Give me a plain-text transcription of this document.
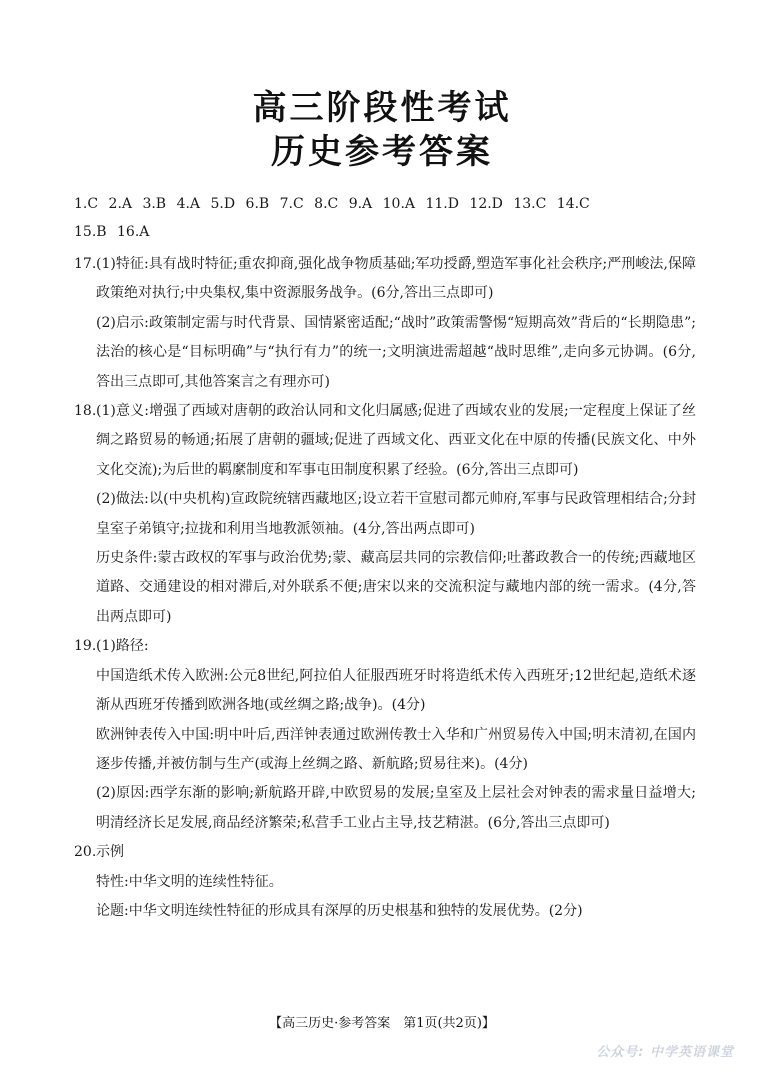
高三阶段性考试
历史参考答案
1.C 2.A 3.B 4.A 5.D 6.B 7.C 8.C 9.A 10.A 11.D 12.D 13.C 14.C
15.B 16.A

17.(1)特征:具有战时特征;重农抑商,强化战争物质基础;军功授爵,塑造军事化社会秩序;严刑峻法,保障政策绝对执行;中央集权,集中资源服务战争。(6分,答出三点即可)

(2)启示:政策制定需与时代背景、国情紧密适配;“战时”政策需警惕“短期高效”背后的“长期隐患”;法治的核心是“目标明确”与“执行有力”的统一;文明演进需超越“战时思维”,走向多元协调。(6分,答出三点即可,其他答案言之有理亦可)

18.(1)意义:增强了西域对唐朝的政治认同和文化归属感;促进了西域农业的发展;一定程度上保证了丝绸之路贸易的畅通;拓展了唐朝的疆域;促进了西域文化、西亚文化在中原的传播(民族文化、中外文化交流);为后世的羁縻制度和军事屯田制度积累了经验。(6分,答出三点即可)

(2)做法:以(中央机构)宣政院统辖西藏地区;设立若干宣慰司都元帅府,军事与民政管理相结合;分封皇室子弟镇守;拉拢和利用当地教派领袖。(4分,答出两点即可)

历史条件:蒙古政权的军事与政治优势;蒙、藏高层共同的宗教信仰;吐蕃政教合一的传统;西藏地区道路、交通建设的相对滞后,对外联系不便;唐宋以来的交流积淀与藏地内部的统一需求。(4分,答出两点即可)

19.(1)路径:

中国造纸术传入欧洲:公元8世纪,阿拉伯人征服西班牙时将造纸术传入西班牙;12世纪起,造纸术逐渐从西班牙传播到欧洲各地(或丝绸之路;战争)。(4分)

欧洲钟表传入中国:明中叶后,西洋钟表通过欧洲传教士入华和广州贸易传入中国;明末清初,在国内逐步传播,并被仿制与生产(或海上丝绸之路、新航路;贸易往来)。(4分)

(2)原因:西学东渐的影响;新航路开辟,中欧贸易的发展;皇室及上层社会对钟表的需求量日益增大;明清经济长足发展,商品经济繁荣;私营手工业占主导,技艺精湛。(6分,答出三点即可)

20.示例

特性:中华文明的连续性特征。

论题:中华文明连续性特征的形成具有深厚的历史根基和独特的发展优势。(2分)

【高三历史·参考答案　第1页(共2页)】
公众号: 中学英语课堂
